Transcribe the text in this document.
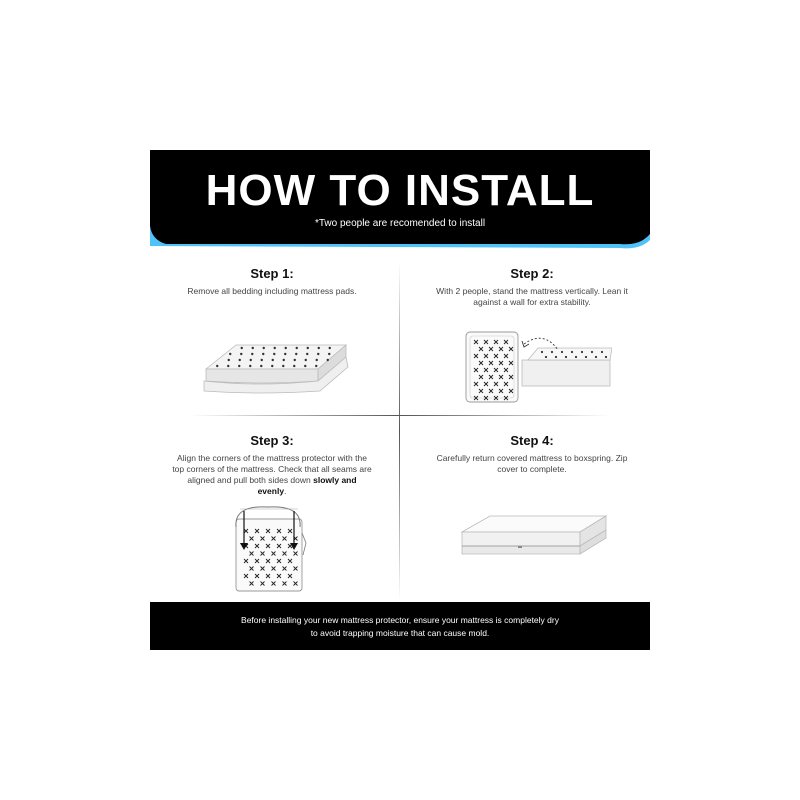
HOW TO INSTALL
*Two people are recomended to install
Step 1:

Remove all bedding including mattress pads.

Step 2:

With 2 people, stand the mattress vertically. Lean it against a wall for extra stability.

Step 3:

Align the corners of the mattress protector with the top corners of the mattress. Check that all seams are aligned and pull both sides down slowly and evenly.

Step 4:

Carefully return covered mattress to boxspring. Zip cover to complete.

Before installing your new mattress protector, ensure your mattress is completely dry
to avoid trapping moisture that can cause mold.
